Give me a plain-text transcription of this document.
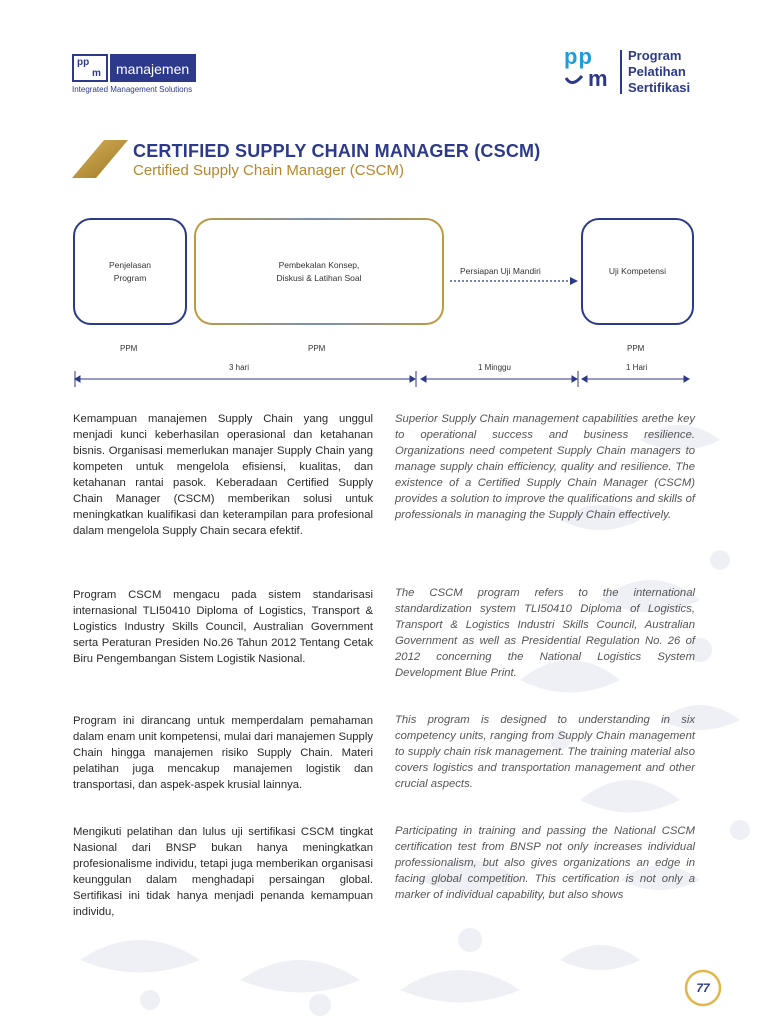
pp
m manajemen
Integrated Management Solutions
pp
m
Program
Pelatihan
Sertifikasi
CERTIFIED SUPPLY CHAIN MANAGER (CSCM)
Certified Supply Chain Manager (CSCM)
Penjelasan Program
Pembekalan Konsep,
Diskusi & Latihan Soal
Persiapan Uji Mandiri	Uji Kompetensi
PPM	PPM	PPM
3 hari	1 Minggu	1 Hari

Kemampuan manajemen Supply Chain yang unggul menjadi kunci keberhasilan operasional dan ketahanan bisnis. Organisasi memerlukan manajer Supply Chain yang kompeten untuk mengelola efisiensi, kualitas, dan ketahanan rantai pasok. Keberadaan Certified Supply Chain Manager (CSCM) memberikan solusi untuk meningkatkan kualifikasi dan keterampilan para profesional dalam mengelola Supply Chain secara efektif.

Program CSCM mengacu pada sistem standarisasi internasional TLI50410 Diploma of Logistics, Transport & Logistics Industry Skills Council, Australian Government serta Peraturan Presiden No.26 Tahun 2012 Tentang Cetak Biru Pengembangan Sistem Logistik Nasional.

Program ini dirancang untuk memperdalam pemahaman dalam enam unit kompetensi, mulai dari manajemen Supply Chain hingga manajemen risiko Supply Chain. Materi pelatihan juga mencakup manajemen logistik dan transportasi, dan aspek-aspek krusial lainnya.

Mengikuti pelatihan dan lulus uji sertifikasi CSCM tingkat Nasional dari BNSP bukan hanya meningkatkan profesionalisme individu, tetapi juga memberikan organisasi keunggulan dalam menghadapi persaingan global. Sertifikasi ini tidak hanya menjadi penanda kemampuan individu,

Superior Supply Chain management capabilities arethe key to operational success and business resilience. Organizations need competent Supply Chain managers to manage supply chain efficiency, quality and resilience. The existence of a Certified Supply Chain Manager (CSCM) provides a solution to improve the qualifications and skills of professionals in managing the Supply Chain effectively.

The CSCM program refers to the international standardization system TLI50410 Diploma of Logistics, Transport & Logistics Industri Skills Council, Australian Government as well as Presidential Regulation No. 26 of 2012 concerning the National Logistics System Development Blue Print.

This program is designed to understanding in six competency units, ranging from Supply Chain management to supply chain risk management. The training material also covers logistics and transportation management and other crucial aspects.

Participating in training and passing the National CSCM certification test from BNSP not only increases individual professionalism, but also gives organizations an edge in facing global competition. This certification is not only a marker of individual capability, but also shows

77
